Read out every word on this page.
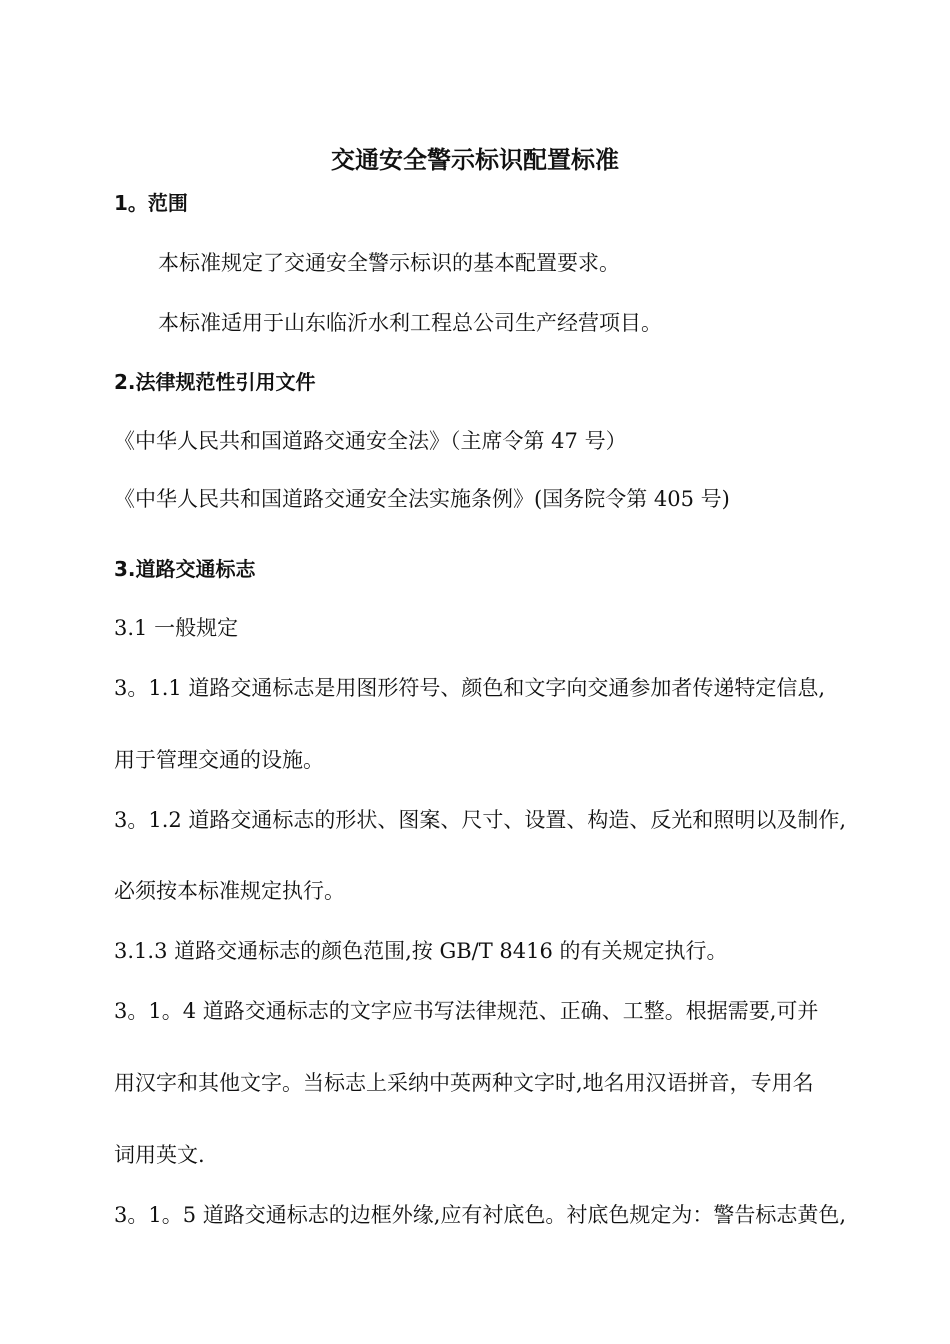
交通安全警示标识配置标准
1。范围
本标准规定了交通安全警示标识的基本配置要求。
本标准适用于山东临沂水利工程总公司生产经营项目。
2.法律规范性引用文件
《中华人民共和国道路交通安全法》（主席令第 47 号）
《中华人民共和国道路交通安全法实施条例》(国务院令第 405 号)
3.道路交通标志
3.1 一般规定
3。1.1 道路交通标志是用图形符号、颜色和文字向交通参加者传递特定信息,
用于管理交通的设施。
3。1.2 道路交通标志的形状、图案、尺寸、设置、构造、反光和照明以及制作,
必须按本标准规定执行。
3.1.3 道路交通标志的颜色范围,按 GB/T 8416 的有关规定执行。
3。1。4 道路交通标志的文字应书写法律规范、正确、工整。根据需要,可并
用汉字和其他文字。当标志上采纳中英两种文字时,地名用汉语拼音，专用名
词用英文.
3。1。5 道路交通标志的边框外缘,应有衬底色。衬底色规定为：警告标志黄色,
